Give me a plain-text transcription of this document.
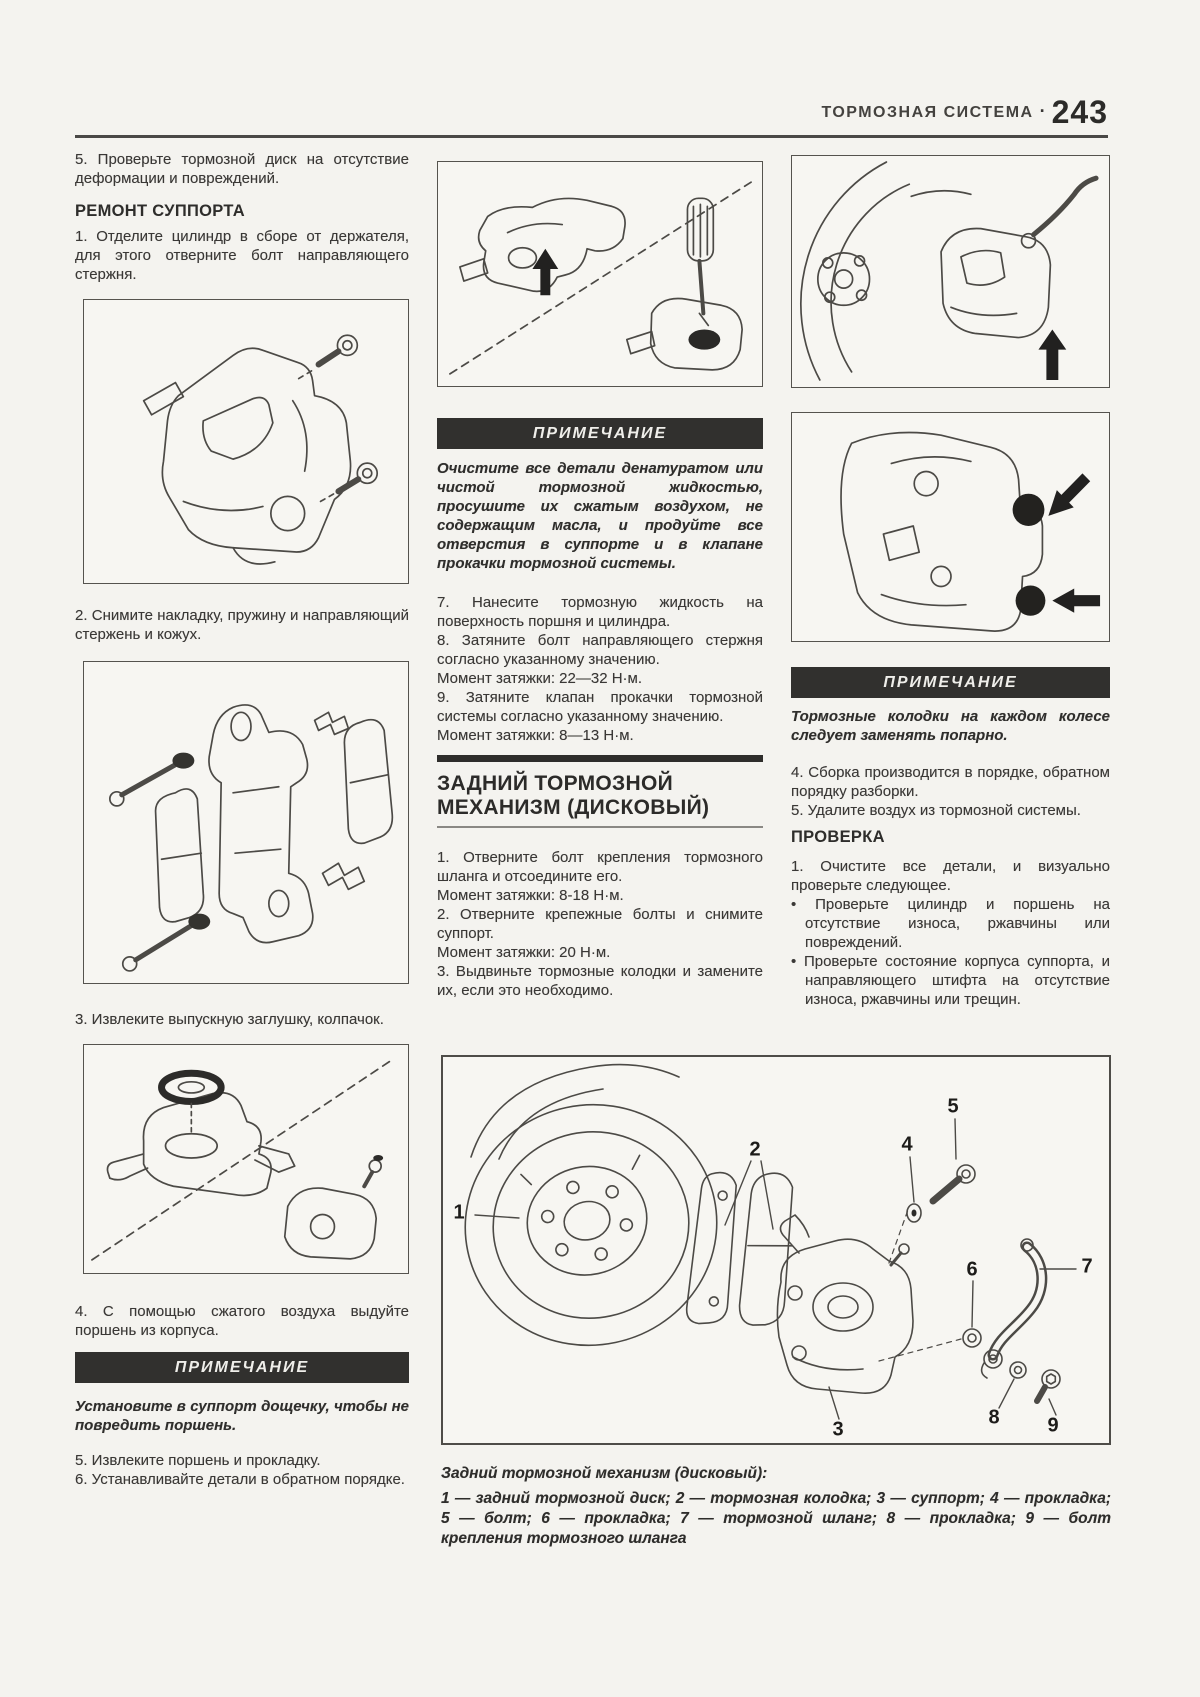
ТОРМОЗНАЯ СИСТЕМА · 243

5. Проверьте тормозной диск на отсутствие деформации и повреждений.

РЕМОНТ СУППОРТА

1. Отделите цилиндр в сборе от держателя, для этого отверните болт направляющего стержня.

2. Снимите накладку, пружину и направляющий стержень и кожух.

3. Извлеките выпускную заглушку, колпачок.

4. С помощью сжатого воздуха выдуйте поршень из корпуса.

ПРИМЕЧАНИЕ

Установите в суппорт дощечку, чтобы не повредить поршень.

5. Извлеките поршень и прокладку.

6. Устанавливайте детали в обратном порядке.

ПРИМЕЧАНИЕ

Очистите все детали денатуратом или чистой тормозной жидкостью, просушите их сжатым воздухом, не содержащим масла, и продуйте все отверстия в суппорте и в клапане прокачки тормозной системы.

7. Нанесите тормозную жидкость на поверхность поршня и цилиндра.

8. Затяните болт направляющего стержня согласно указанному значению.

Момент затяжки: 22—32 Н·м.

9. Затяните клапан прокачки тормозной системы согласно указанному значению.

Момент затяжки: 8—13 Н·м.

ЗАДНИЙ ТОРМОЗНОЙ МЕХАНИЗМ (ДИСКОВЫЙ)

1. Отверните болт крепления тормозного шланга и отсоедините его.

Момент затяжки: 8-18 Н·м.

2. Отверните крепежные болты и снимите суппорт.

Момент затяжки: 20 Н·м.

3. Выдвиньте тормозные колодки и замените их, если это необходимо.

ПРИМЕЧАНИЕ

Тормозные колодки на каждом колесе следует заменять попарно.

4. Сборка производится в порядке, обратном порядку разборки.

5. Удалите воздух из тормозной системы.

ПРОВЕРКА

1. Очистите все детали, и визуально проверьте следующее.

• Проверьте цилиндр и поршень на отсутствие износа, ржавчины или повреждений.

• Проверьте состояние корпуса суппорта, и направляющего штифта на отсутствие износа, ржавчины или трещин.

1
2
3
4
5
6	7
8 9

Задний тормозной механизм (дисковый):

1 — задний тормозной диск; 2 — тормозная колодка; 3 — суппорт; 4 — прокладка; 5 — болт; 6 — прокладка; 7 — тормозной шланг; 8 — прокладка; 9 — болт крепления тормозного шланга
